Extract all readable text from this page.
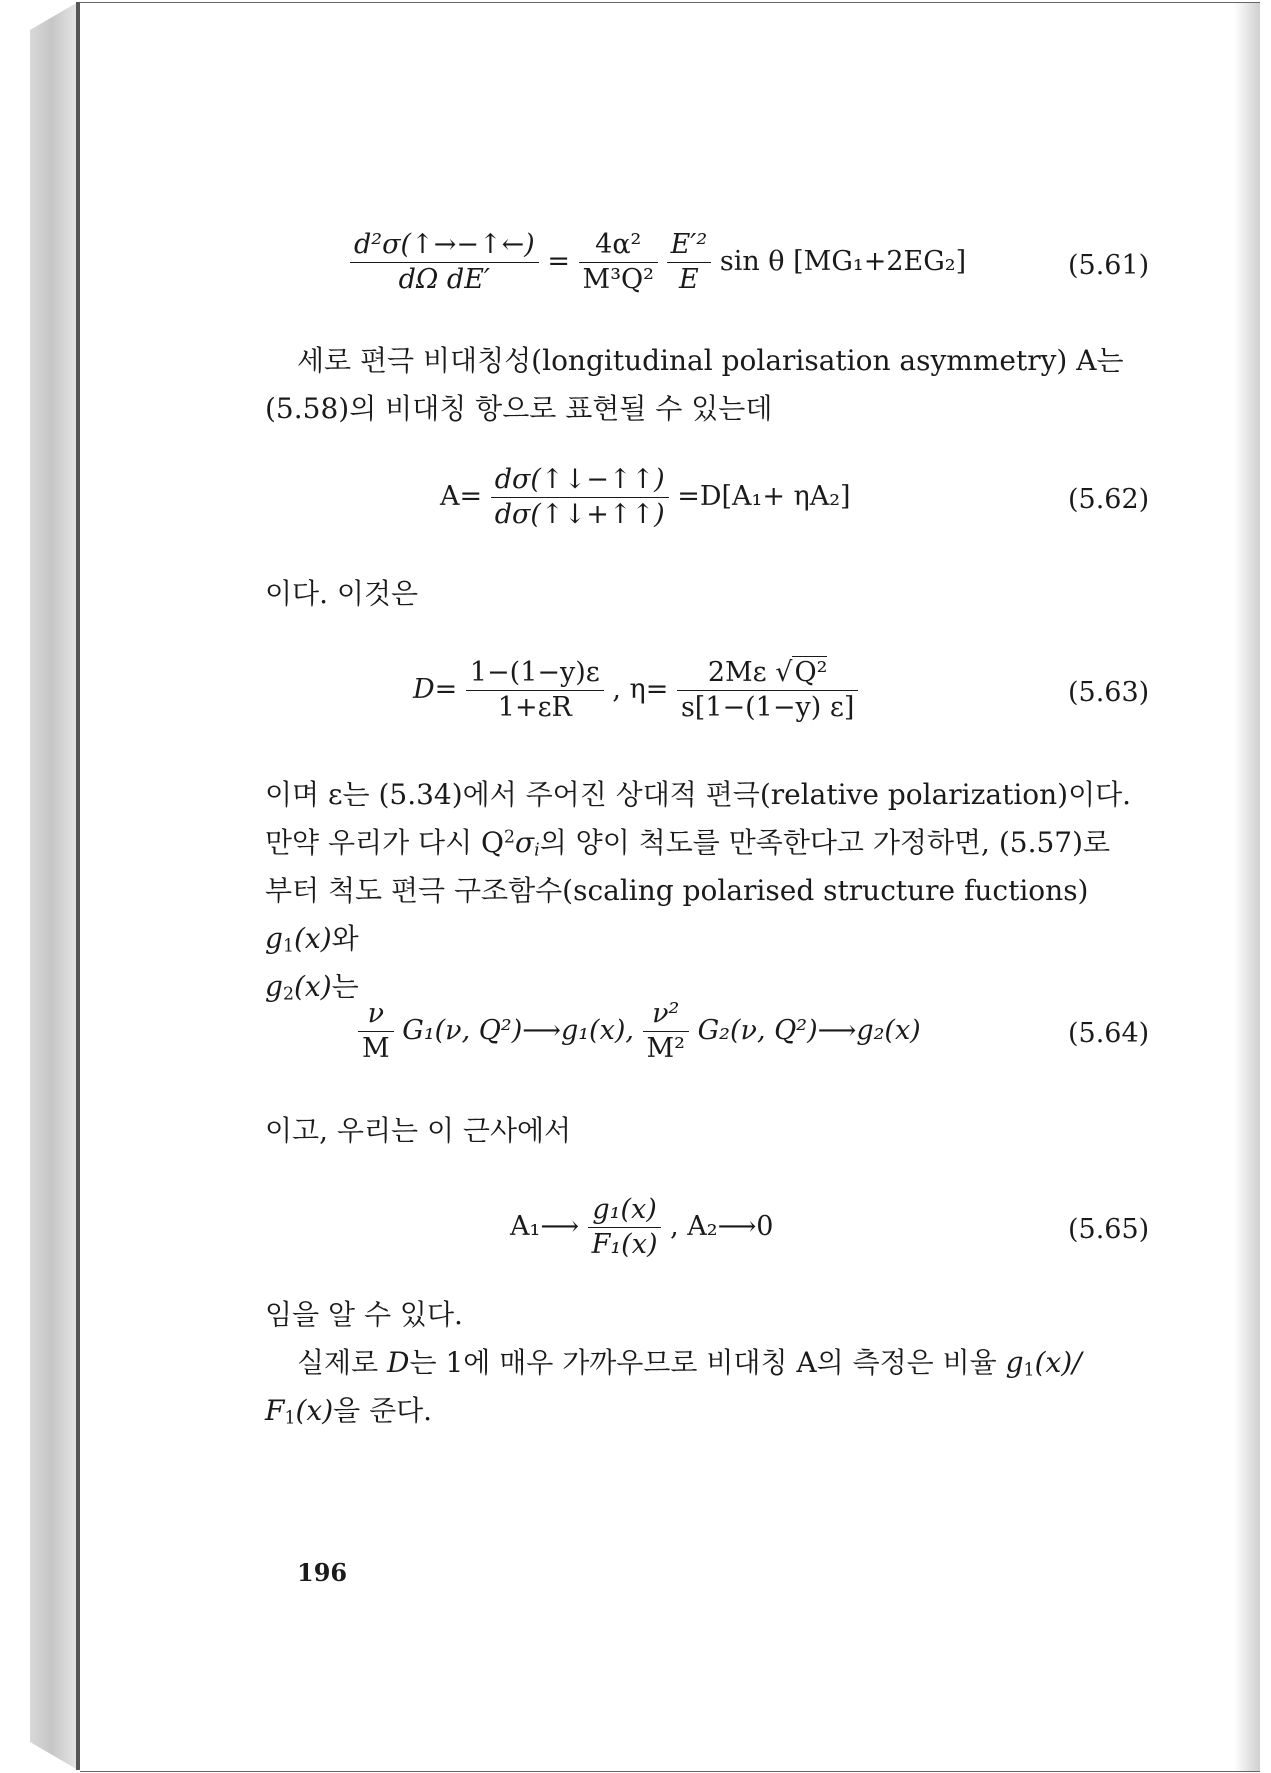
$\frac{\text{d²σ(↑→−↑←)}}{\text{dΩ dE′}} = \frac{\text{4α²}}{\text{M³Q²}}$
$\frac{\text{E′²}}{E}$ sin θ [MG₁+2EG₂]	(5.61)
세로 편극 비대칭성(longitudinal polarisation asymmetry) A는
(5.58)의 비대칭 항으로 표현될 수 있는데
$A= \frac{d\sigma(↑↓-↑↑)}{d\sigma(↑↓+↑↑)} =D[A_1+ \eta A_2]$	(5.62)
이다. 이것은
$D= \frac{1-(1-y)\varepsilon}{1+\varepsilon R}$ , $\eta= \frac{\text{2Mε √Q²}}{s[1-(1-y) \varepsilon]}$	(5.63)
이며 ε는 (5.34)에서 주어진 상대적 편극(relative polarization)이다.
만약 우리가 다시 $Q^2\sigma_i$의 양이 척도를 만족한다고 가정하면, (5.57)로
부터 척도 편극 구조함수(scaling polarised structure fuctions) $g_1(x)$와
$g_2(x)$는
$\frac{\nu}{M} G_1(\nu$, Q²)⟶g₁(x), $\frac{\text{ν²}}{\text{M²}} G_2(\nu$, Q²)⟶g₂(x)	(5.64)
이고, 우리는 이 근사에서
A₁⟶ $\frac{\text{g₁(x)}}{\text{F₁(x)}}$ , A₂⟶0	(5.65)
임을 알 수 있다.
실제로 D는 1에 매우 가까우므로 비대칭 A의 측정은 비율 $g_1(x)/$
$F_1(x)$을 준다.
196
